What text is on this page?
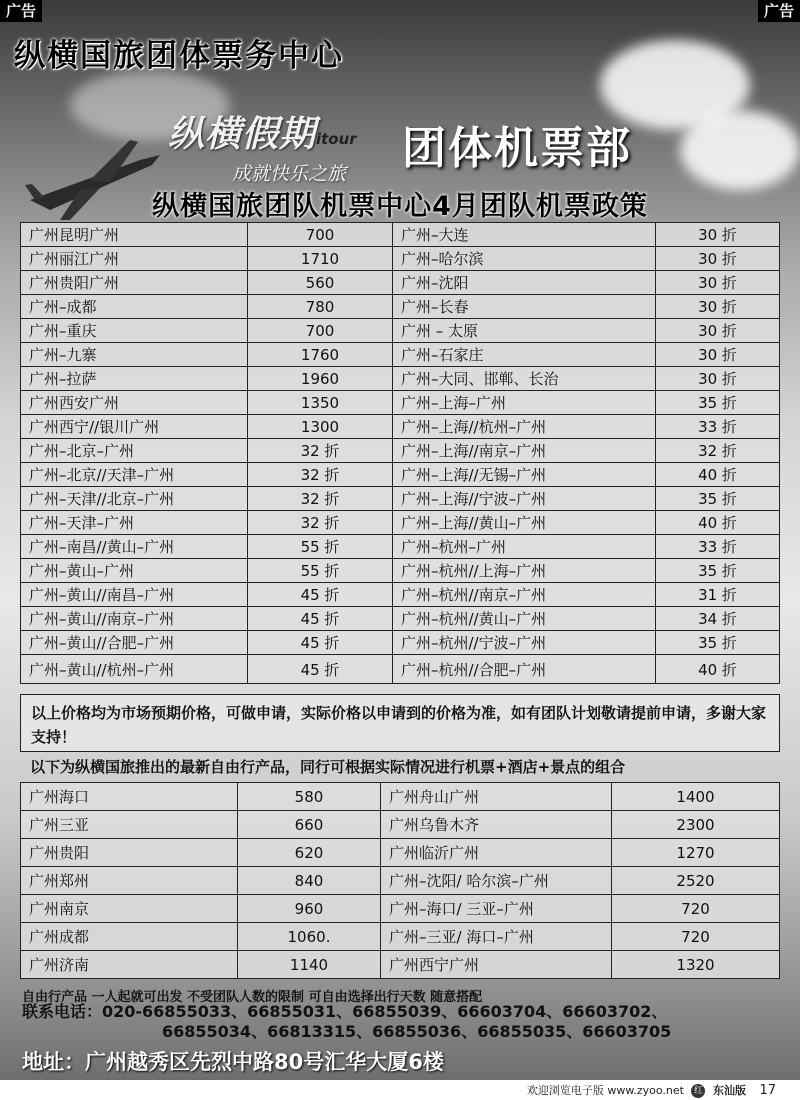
广告	广告
纵横国旅团体票务中心
纵横假期 itour
成就快乐之旅 团体机票部
纵横国旅团队机票中心4月团队机票政策
广州昆明广州	700	广州–大连	30 折
广州丽江广州	1710	广州–哈尔滨	30 折
广州贵阳广州	560	广州–沈阳	30 折
广州–成都	780	广州–长春	30 折
广州–重庆	700	广州 – 太原	30 折
广州–九寨	1760	广州–石家庄	30 折
广州–拉萨	1960	广州–大同、邯郸、长治	30 折
广州西安广州	1350	广州–上海–广州	35 折
广州西宁//银川广州	1300	广州–上海//杭州–广州	33 折
广州–北京–广州	32 折	广州–上海//南京–广州	32 折
广州–北京//天津–广州	32 折	广州–上海//无锡–广州	40 折
广州–天津//北京–广州	32 折	广州–上海//宁波–广州	35 折
广州–天津–广州	32 折	广州–上海//黄山–广州	40 折
广州–南昌//黄山–广州	55 折	广州–杭州–广州	33 折
广州–黄山–广州	55 折	广州–杭州//上海–广州	35 折
广州–黄山//南昌–广州	45 折	广州–杭州//南京–广州	31 折
广州–黄山//南京–广州	45 折	广州–杭州//黄山–广州	34 折
广州–黄山//合肥–广州	45 折	广州–杭州//宁波–广州	35 折
广州–黄山//杭州–广州	45 折	广州–杭州//合肥–广州	40 折
以上价格均为市场预期价格，可做申请，实际价格以申请到的价格为准，如有团队计划敬请提前申请，多谢大家支持！
以下为纵横国旅推出的最新自由行产品，同行可根据实际情况进行机票+酒店+景点的组合
广州海口	580	广州舟山广州	1400
广州三亚	660	广州乌鲁木齐	2300
广州贵阳	620	广州临沂广州	1270
广州郑州	840	广州–沈阳/ 哈尔滨–广州	2520
广州南京	960	广州–海口/ 三亚–广州	720
广州成都	1060.	广州–三亚/ 海口–广州	720
广州济南	1140	广州西宁广州	1320
自由行产品 一人起就可出发 不受团队人数的限制 可自由选择出行天数 随意搭配
联系电话：020-66855033、66855031、66855039、66603704、66603702、
66855034、66813315、66855036、66855035、66603705
地址：广州越秀区先烈中路80号汇华大厦6楼
欢迎浏览电子版 www.zyoo.net 红 东汕版 17
